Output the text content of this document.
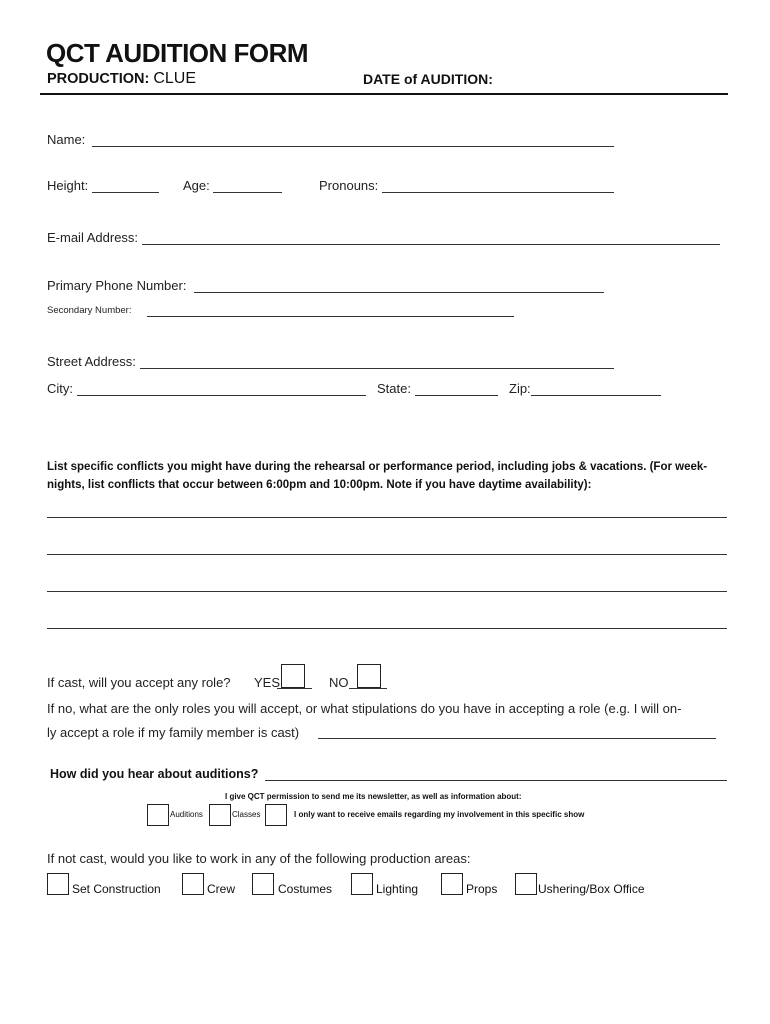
QCT AUDITION FORM
PRODUCTION: CLUE	DATE of AUDITION:
Name:
Height:	Age:	Pronouns:
E-mail Address:
Primary Phone Number:
Secondary Number:
Street Address:
City:	State:	Zip:
List specific conflicts you might have during the rehearsal or performance period, including jobs & vacations. (For week-nights, list conflicts that occur between 6:00pm and 10:00pm. Note if you have daytime availability):
If cast, will you accept any role? YES	NO
If no, what are the only roles you will accept, or what stipulations do you have in accepting a role (e.g. I will on-
ly accept a role if my family member is cast)
How did you hear about auditions?
I give QCT permission to send me its newsletter, as well as information about:
Auditions	Classes	I only want to receive emails regarding my involvement in this specific show
If not cast, would you like to work in any of the following production areas:
Set Construction	Crew	Costumes	Lighting	Props	Ushering/Box Office
